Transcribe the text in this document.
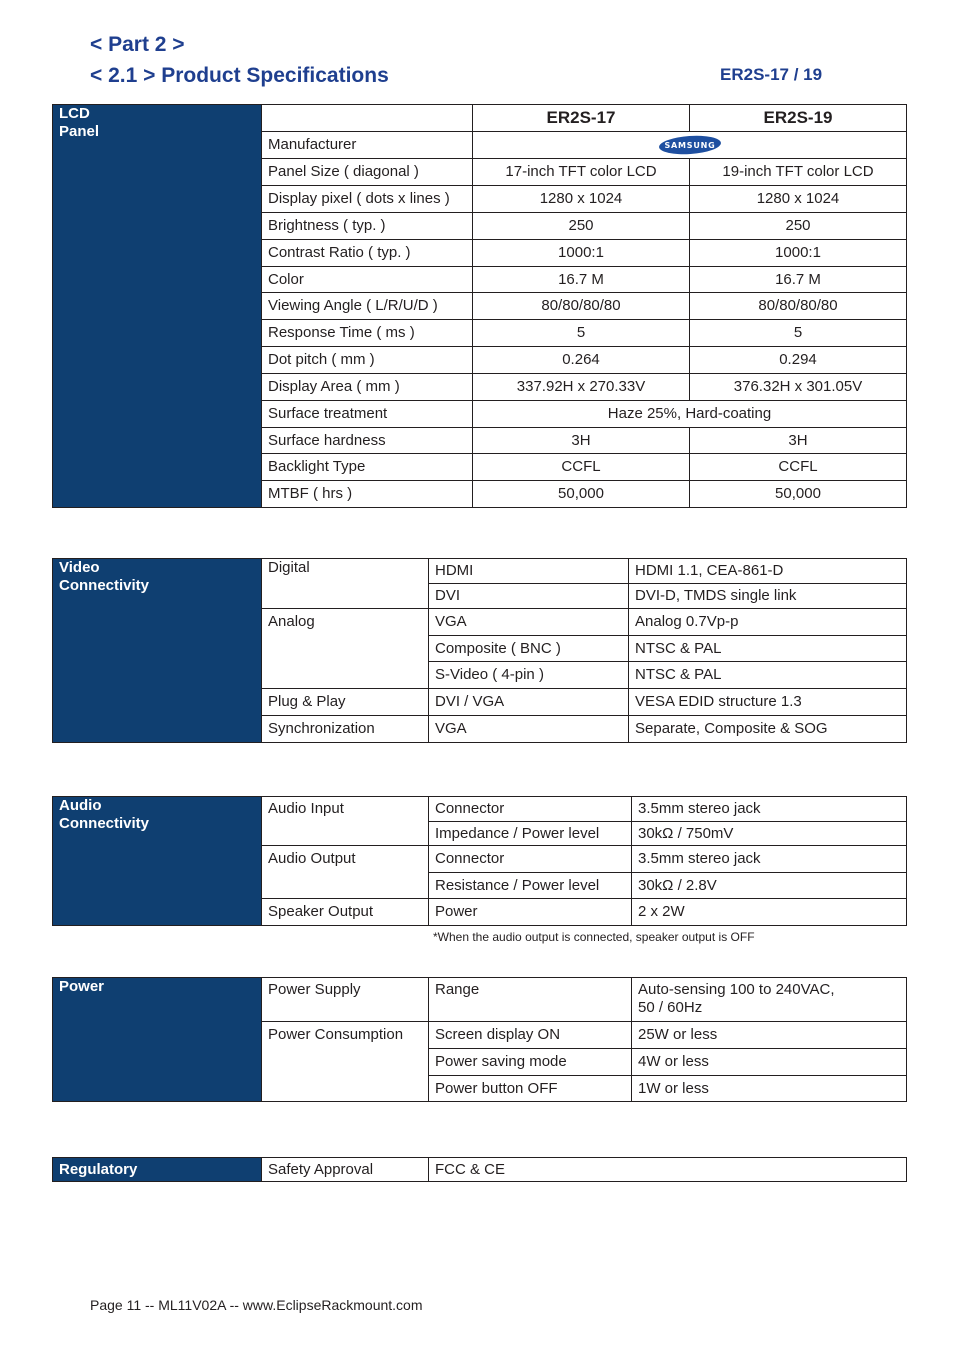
< Part 2 >
< 2.1 > Product Specifications	ER2S-17 / 19
LCD
Panel		ER2S-17	ER2S-19
	Manufacturer	SAMSUNG	

	Panel Size ( diagonal )	17-inch TFT color LCD	19-inch TFT color LCD
	Display pixel ( dots x lines )	1280 x 1024	1280 x 1024
	Brightness ( typ. )	250	250
	Contrast Ratio ( typ. )	1000:1	1000:1
	Color	16.7 M	16.7 M
	Viewing Angle ( L/R/U/D )	80/80/80/80	80/80/80/80
	Response Time ( ms )	5	5
	Dot pitch ( mm )	0.264	0.294
	Display Area ( mm )	337.92H x 270.33V	376.32H x 301.05V
	Surface treatment	Haze 25%, Hard-coating	
	Surface hardness	3H	3H
	Backlight Type	CCFL	CCFL
	MTBF ( hrs )	50,000	50,000
Video
Connectivity	Digital	HDMI	HDMI 1.1, CEA-861-D
		DVI	DVI-D, TMDS single link
	Analog	VGA	Analog 0.7Vp-p
		Composite ( BNC )	NTSC & PAL
		S-Video ( 4-pin )	NTSC & PAL
	Plug & Play	DVI / VGA	VESA EDID structure 1.3
	Synchronization	VGA	Separate, Composite & SOG
Audio
Connectivity	Audio Input	Connector	3.5mm stereo jack
		Impedance / Power level	30kΩ / 750mV
	Audio Output	Connector	3.5mm stereo jack
		Resistance / Power level	30kΩ / 2.8V
	Speaker Output	Power	2 x 2W
*When the audio output is connected, speaker output is OFF
Power	Power Supply	Range	Auto-sensing 100 to 240VAC,
50 / 60Hz
	Power Consumption	Screen display ON	25W or less
		Power saving mode	4W or less
		Power button OFF	1W or less
Regulatory	Safety Approval	FCC & CE
Page 11 -- ML11V02A -- www.EclipseRackmount.com
